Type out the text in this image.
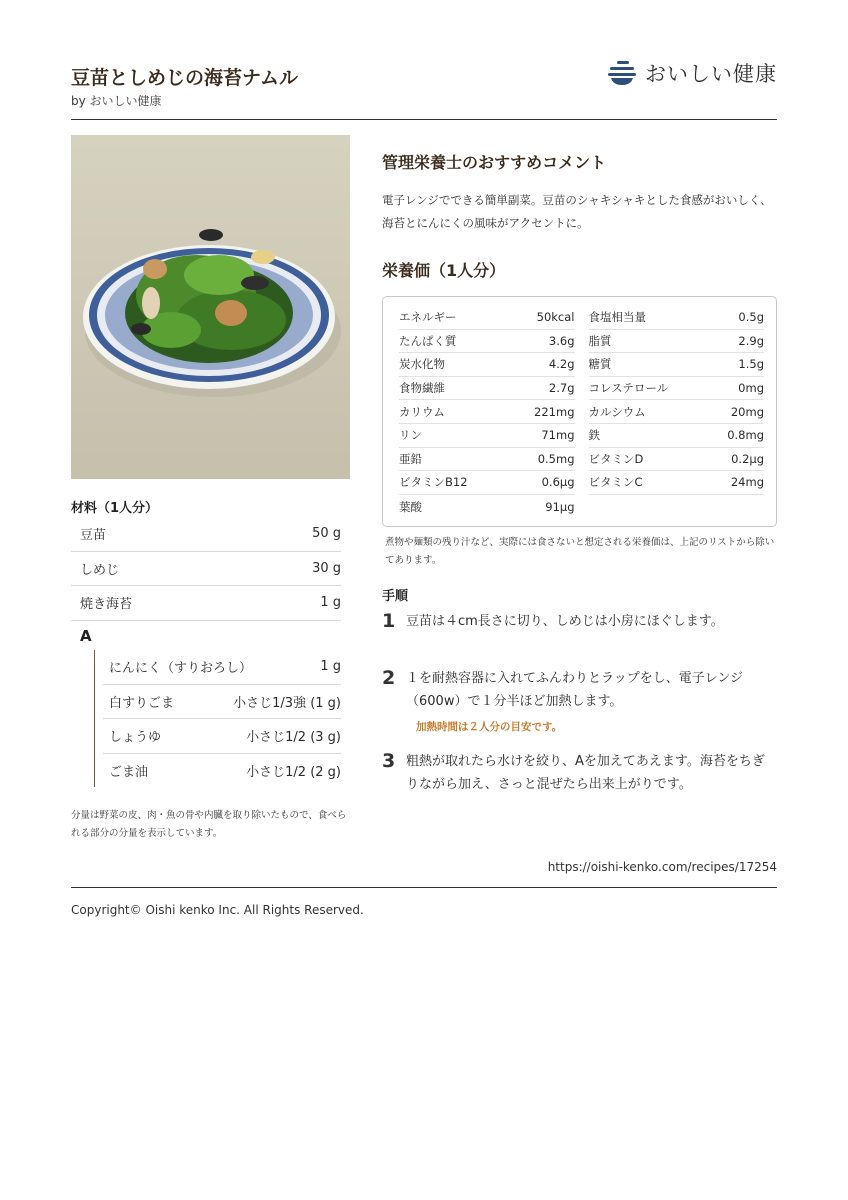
豆苗としめじの海苔ナムル
by おいしい健康
おいしい健康
材料（1人分）
豆苗	50 g
しめじ	30 g
焼き海苔	1 g
A
にんにく（すりおろし）	1 g
白すりごま	小さじ1/3強 (1 g)
しょうゆ	小さじ1/2 (3 g)
ごま油	小さじ1/2 (2 g)
分量は野菜の皮、肉・魚の骨や内臓を取り除いたもので、食べられる部分の分量を表示しています。
管理栄養士のおすすめコメント
電子レンジでできる簡単副菜。豆苗のシャキシャキとした食感がおいしく、海苔とにんにくの風味がアクセントに。
栄養価（1人分）
エネルギー	50kcal 食塩相当量	0.5g
たんぱく質	3.6g 脂質	2.9g
炭水化物	4.2g 糖質	1.5g
食物繊維	2.7g コレステロール	0mg
カリウム	221mg カルシウム	20mg
リン	71mg 鉄	0.8mg
亜鉛	0.5mg ビタミンD	0.2μg
ビタミンB12	0.6μg ビタミンC	24mg
葉酸	91μg
煮物や麺類の残り汁など、実際には食さないと想定される栄養価は、上記のリストから除いてあります。
手順
1 豆苗は４cm長さに切り、しめじは小房にほぐします。
2 １を耐熱容器に入れてふんわりとラップをし、電子レンジ（600w）で１分半ほど加熱します。
加熱時間は２人分の目安です。
3 粗熱が取れたら水けを絞り、Aを加えてあえます。海苔をちぎりながら加え、さっと混ぜたら出来上がりです。
https://oishi-kenko.com/recipes/17254
Copyright© Oishi kenko Inc. All Rights Reserved.
